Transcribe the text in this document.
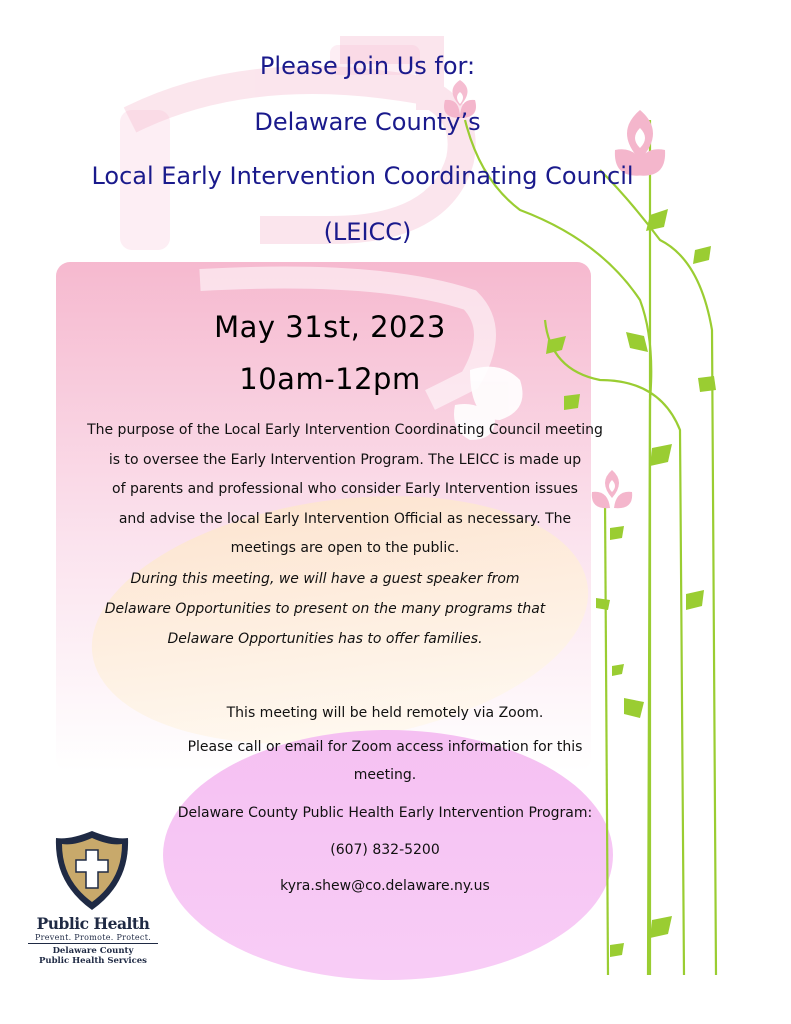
Please Join Us for:
Delaware County’s
Local Early Intervention Coordinating Council
(LEICC)
May 31st, 2023
10am-12pm
The purpose of the Local Early Intervention Coordinating Council meeting
is to oversee the Early Intervention Program. The LEICC is made up
of parents and professional who consider Early Intervention issues
and advise the local Early Intervention Official as necessary. The
meetings are open to the public.
During this meeting, we will have a guest speaker from
Delaware Opportunities to present on the many programs that
Delaware Opportunities has to offer families.
This meeting will be held remotely via Zoom.
Please call or email for Zoom access information for this
meeting.
Delaware County Public Health Early Intervention Program:
(607) 832-5200
kyra.shew@co.delaware.ny.us
Public Health
Prevent. Promote. Protect.
Delaware County
Public Health Services
